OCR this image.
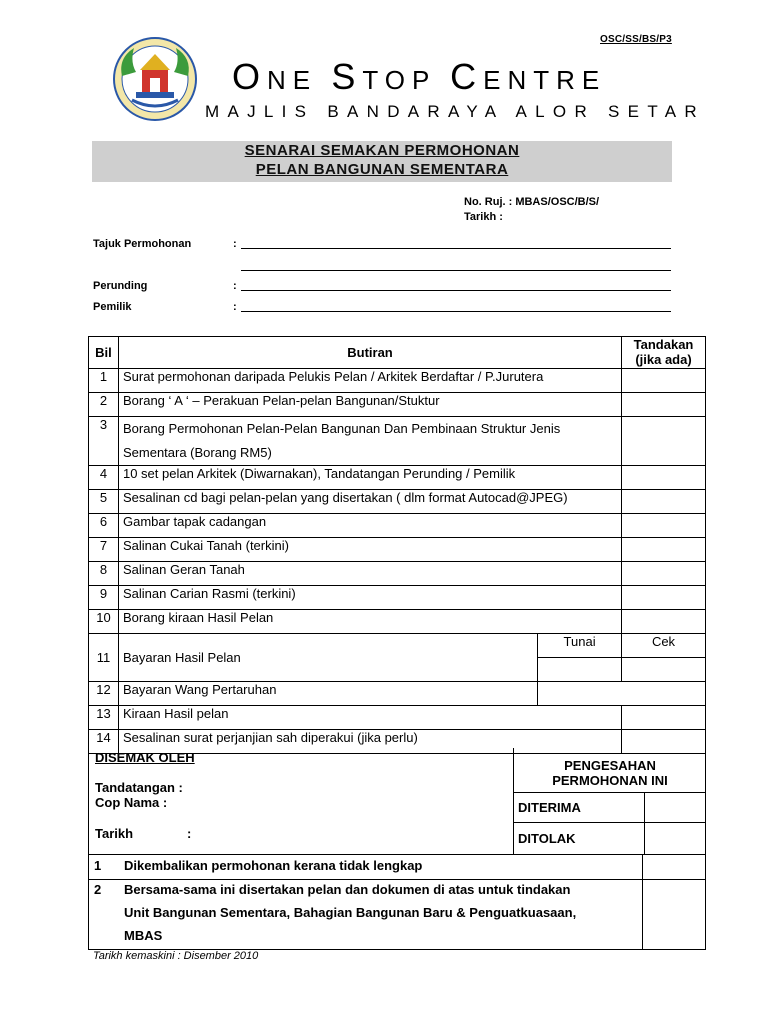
OSC/SS/BS/P3
ONE STOP CENTRE
MAJLIS BANDARAYA ALOR SETAR
SENARAI SEMAKAN PERMOHONAN
PELAN BANGUNAN SEMENTARA
No. Ruj. : MBAS/OSC/B/S/
Tarikh :
Tajuk Permohonan	:
Perunding	:
Pemilik	:
Bil	Butiran		Tandakan
(jika ada)

1	Surat permohonan daripada Pelukis Pelan / Arkitek Berdaftar / P.Jurutera		
2	Borang ‘ A ‘ – Perakuan Pelan-pelan Bangunan/Stuktur		
3	Borang Permohonan Pelan-Pelan Bangunan Dan Pembinaan Struktur Jenis
Sementara (Borang RM5)		

4	10 set pelan Arkitek (Diwarnakan), Tandatangan Perunding / Pemilik		
5	Sesalinan cd bagi pelan-pelan yang disertakan ( dlm format Autocad@JPEG)		
6	Gambar tapak cadangan		
7	Salinan Cukai Tanah (terkini)		
8	Salinan Geran Tanah		
9	Salinan Carian Rasmi (terkini)		
10	Borang kiraan Hasil Pelan		
11	Bayaran Hasil Pelan	Tunai	Cek

12	Bayaran Wang Pertaruhan		
13	Kiraan Hasil pelan		
14	Sesalinan surat perjanjian sah diperakui (jika perlu)		
DISEMAK OLEH
Tandatangan :
Cop Nama :
Tarikh	:
PENGESAHAN
PERMOHONAN INI
DITERIMA
DITOLAK
1 Dikembalikan permohonan kerana tidak lengkap
2 Bersama-sama ini disertakan pelan dan dokumen di atas untuk tindakan
Unit Bangunan Sementara, Bahagian Bangunan Baru & Penguatkuasaan,
MBAS
Tarikh kemaskini : Disember 2010
